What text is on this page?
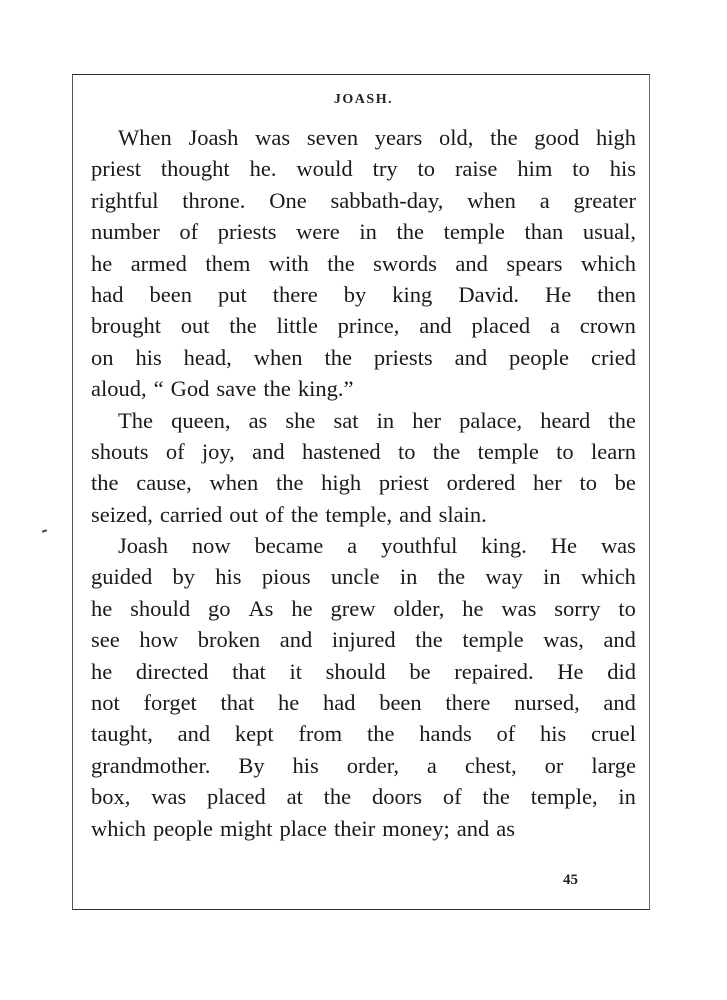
JOASH.
When Joash was seven years old, the good high
priest thought he. would try to raise him to his
rightful throne. One sabbath-day, when a greater
number of priests were in the temple than usual,
he armed them with the swords and spears which
had been put there by king David. He then
brought out the little prince, and placed a crown
on his head, when the priests and people cried
aloud, “ God save the king.”
The queen, as she sat in her palace, heard the
shouts of joy, and hastened to the temple to learn
the cause, when the high priest ordered her to be
seized, carried out of the temple, and slain.
Joash now became a youthful king. He was
guided by his pious uncle in the way in which
he should go As he grew older, he was sorry to
see how broken and injured the temple was, and
he directed that it should be repaired. He did
not forget that he had been there nursed, and
taught, and kept from the hands of his cruel
grandmother. By his order, a chest, or large
box, was placed at the doors of the temple, in
which people might place their money; and as
45
